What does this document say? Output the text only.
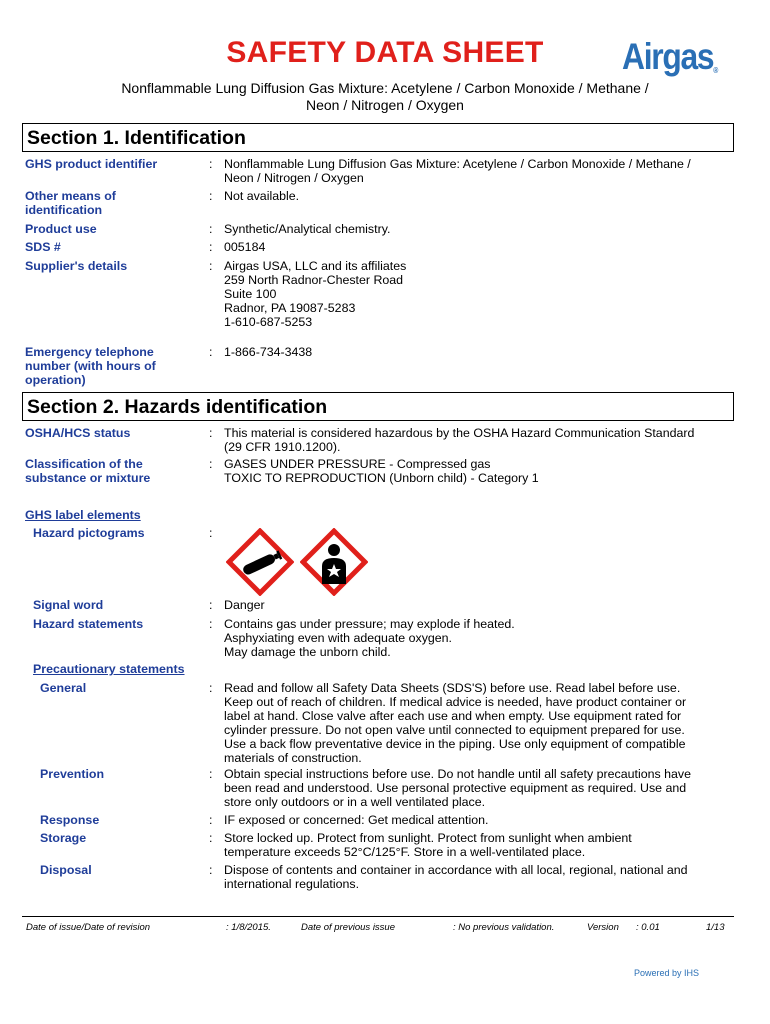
SAFETY DATA SHEET	Airgas®
Nonflammable Lung Diffusion Gas Mixture: Acetylene / Carbon Monoxide / Methane /
Neon / Nitrogen / Oxygen
Section 1. Identification
GHS product identifier	: Nonflammable Lung Diffusion Gas Mixture: Acetylene / Carbon Monoxide / Methane /
Neon / Nitrogen / Oxygen
Other means of
identification
: Not available.
Product use	: Synthetic/Analytical chemistry.
SDS #	: 005184
Supplier's details	: Airgas USA, LLC and its affiliates
259 North Radnor-Chester Road
Suite 100
Radnor, PA 19087-5283
1-610-687-5253
Emergency telephone
number (with hours of
operation)
: 1-866-734-3438
Section 2. Hazards identification
OSHA/HCS status	: This material is considered hazardous by the OSHA Hazard Communication Standard
(29 CFR 1910.1200).
Classification of the
substance or mixture
: GASES UNDER PRESSURE - Compressed gas
TOXIC TO REPRODUCTION (Unborn child) - Category 1
GHS label elements
Hazard pictograms	:
Signal word	: Danger
Hazard statements	: Contains gas under pressure; may explode if heated.
Asphyxiating even with adequate oxygen.
May damage the unborn child.
Precautionary statements
General	: Read and follow all Safety Data Sheets (SDS'S) before use. Read label before use.
Keep out of reach of children. If medical advice is needed, have product container or
label at hand. Close valve after each use and when empty. Use equipment rated for
cylinder pressure. Do not open valve until connected to equipment prepared for use.
Use a back flow preventative device in the piping. Use only equipment of compatible
materials of construction.
Prevention	: Obtain special instructions before use. Do not handle until all safety precautions have
been read and understood. Use personal protective equipment as required. Use and
store only outdoors or in a well ventilated place.
Response	: IF exposed or concerned: Get medical attention.
Storage	: Store locked up. Protect from sunlight. Protect from sunlight when ambient
temperature exceeds 52°C/125°F. Store in a well-ventilated place.
Disposal	: Dispose of contents and container in accordance with all local, regional, national and
international regulations.
Date of issue/Date of revision	: 1/8/2015.	Date of previous issue	: No previous validation.	Version : 0.01	1/13
Powered by IHS
